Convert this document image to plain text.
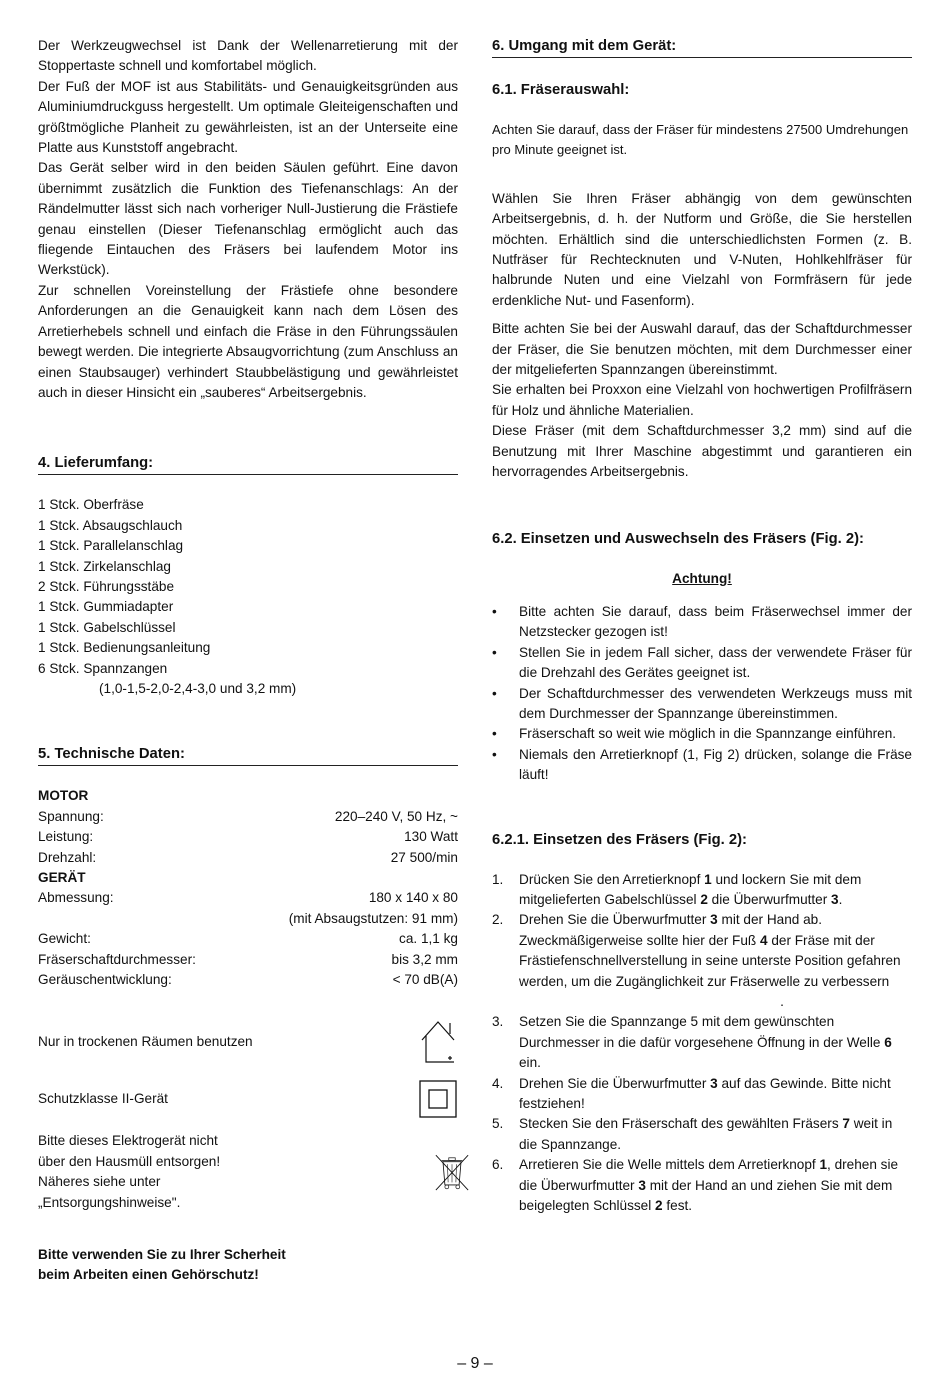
Der Werkzeugwechsel ist Dank der Wellenarretierung mit der Stoppertaste schnell und komfortabel möglich.

Der Fuß der MOF ist aus Stabilitäts- und Genauigkeitsgründen aus Aluminiumdruckguss hergestellt. Um optimale Gleiteigenschaften und größtmögliche Planheit zu gewährleisten, ist an der Unterseite eine Platte aus Kunststoff angebracht.

Das Gerät selber wird in den beiden Säulen geführt. Eine davon übernimmt zusätzlich die Funktion des Tiefenanschlags: An der Rändelmutter lässt sich nach vorheriger Null-Justierung die Frästiefe genau einstellen (Dieser Tiefenanschlag ermöglicht auch das fliegende Eintauchen des Fräsers bei laufendem Motor ins Werkstück).

Zur schnellen Voreinstellung der Frästiefe ohne besondere Anforderungen an die Genauigkeit kann nach dem Lösen des Arretierhebels schnell und einfach die Fräse in den Führungssäulen bewegt werden. Die integrierte Absaugvorrichtung (zum Anschluss an einen Staubsauger) verhindert Staubbelästigung und gewährleistet auch in dieser Hinsicht ein „sauberes“ Arbeitsergebnis.

4. Lieferumfang:
1 Stck. Oberfräse
1 Stck. Absaugschlauch
1 Stck. Parallelanschlag
1 Stck. Zirkelanschlag
2 Stck. Führungsstäbe
1 Stck. Gummiadapter
1 Stck. Gabelschlüssel
1 Stck. Bedienungsanleitung
6 Stck. Spannzangen
(1,0-1,5-2,0-2,4-3,0 und 3,2 mm)
5. Technische Daten:
MOTOR
Spannung:	220–240 V, 50 Hz, ~
Leistung:	130 Watt
Drehzahl:	27 500/min
GERÄT
Abmessung:	180 x 140 x 80
(mit Absaugstutzen: 91 mm)
Gewicht:	ca. 1,1 kg
Fräserschaftdurchmesser:	bis 3,2 mm
Geräuschentwicklung:	< 70 dB(A)
Nur in trockenen Räumen benutzen
Schutzklasse II-Gerät
Bitte dieses Elektrogerät nicht
über den Hausmüll entsorgen!
Näheres siehe unter
„Entsorgungshinweise".
Bitte verwenden Sie zu Ihrer Scherheit
beim Arbeiten einen Gehörschutz!
6. Umgang mit dem Gerät:
6.1. Fräserauswahl:

Achten Sie darauf, dass der Fräser für mindestens 27500 Umdrehungen pro Minute geeignet ist.

Wählen Sie Ihren Fräser abhängig von dem gewünschten Arbeitsergebnis, d. h. der Nutform und Größe, die Sie herstellen möchten. Erhältlich sind die unterschiedlichsten Formen (z. B. Nutfräser für Rechtecknuten und V-Nuten, Hohlkehlfräser für halbrunde Nuten und eine Vielzahl von Formfräsern für jede erdenkliche Nut- und Fasenform).

Bitte achten Sie bei der Auswahl darauf, das der Schaftdurchmesser der Fräser, die Sie benutzen möchten, mit dem Durchmesser einer der mitgelieferten Spannzangen übereinstimmt.

Sie erhalten bei Proxxon eine Vielzahl von hochwertigen Profilfräsern für Holz und ähnliche Materialien.

Diese Fräser (mit dem Schaftdurchmesser 3,2 mm) sind auf die Benutzung mit Ihrer Maschine abgestimmt und garantieren ein hervorragendes Arbeitsergebnis.

6.2. Einsetzen und Auswechseln des Fräsers (Fig. 2):
Achtung!
• Bitte achten Sie darauf, dass beim Fräserwechsel immer der Netzstecker gezogen ist!
• Stellen Sie in jedem Fall sicher, dass der verwendete Fräser für die Drehzahl des Gerätes geeignet ist.
• Der Schaftdurchmesser des verwendeten Werkzeugs muss mit dem Durchmesser der Spannzange übereinstimmen.
• Fräserschaft so weit wie möglich in die Spannzange einführen.
• Niemals den Arretierknopf (1, Fig 2) drücken, solange die Fräse läuft!
6.2.1. Einsetzen des Fräsers (Fig. 2):
1. Drücken Sie den Arretierknopf 1 und lockern Sie mit dem mitgelieferten Gabelschlüssel 2 die Überwurfmutter 3.
2. Drehen Sie die Überwurfmutter 3 mit der Hand ab. Zweckmäßigerweise sollte hier der Fuß 4 der Fräse mit der Frästiefenschnellverstellung in seine unterste Position gefahren werden, um die Zugänglichkeit zur Fräserwelle zu verbessern
.
3. Setzen Sie die Spannzange 5 mit dem gewünschten Durchmesser in die dafür vorgesehene Öffnung in der Welle 6 ein.
4. Drehen Sie die Überwurfmutter 3 auf das Gewinde. Bitte nicht festziehen!
5. Stecken Sie den Fräserschaft des gewählten Fräsers 7 weit in die Spannzange.
6. Arretieren Sie die Welle mittels dem Arretierknopf 1, drehen sie die Überwurfmutter 3 mit der Hand an und ziehen Sie mit dem beigelegten Schlüssel 2 fest.
– 9 –
